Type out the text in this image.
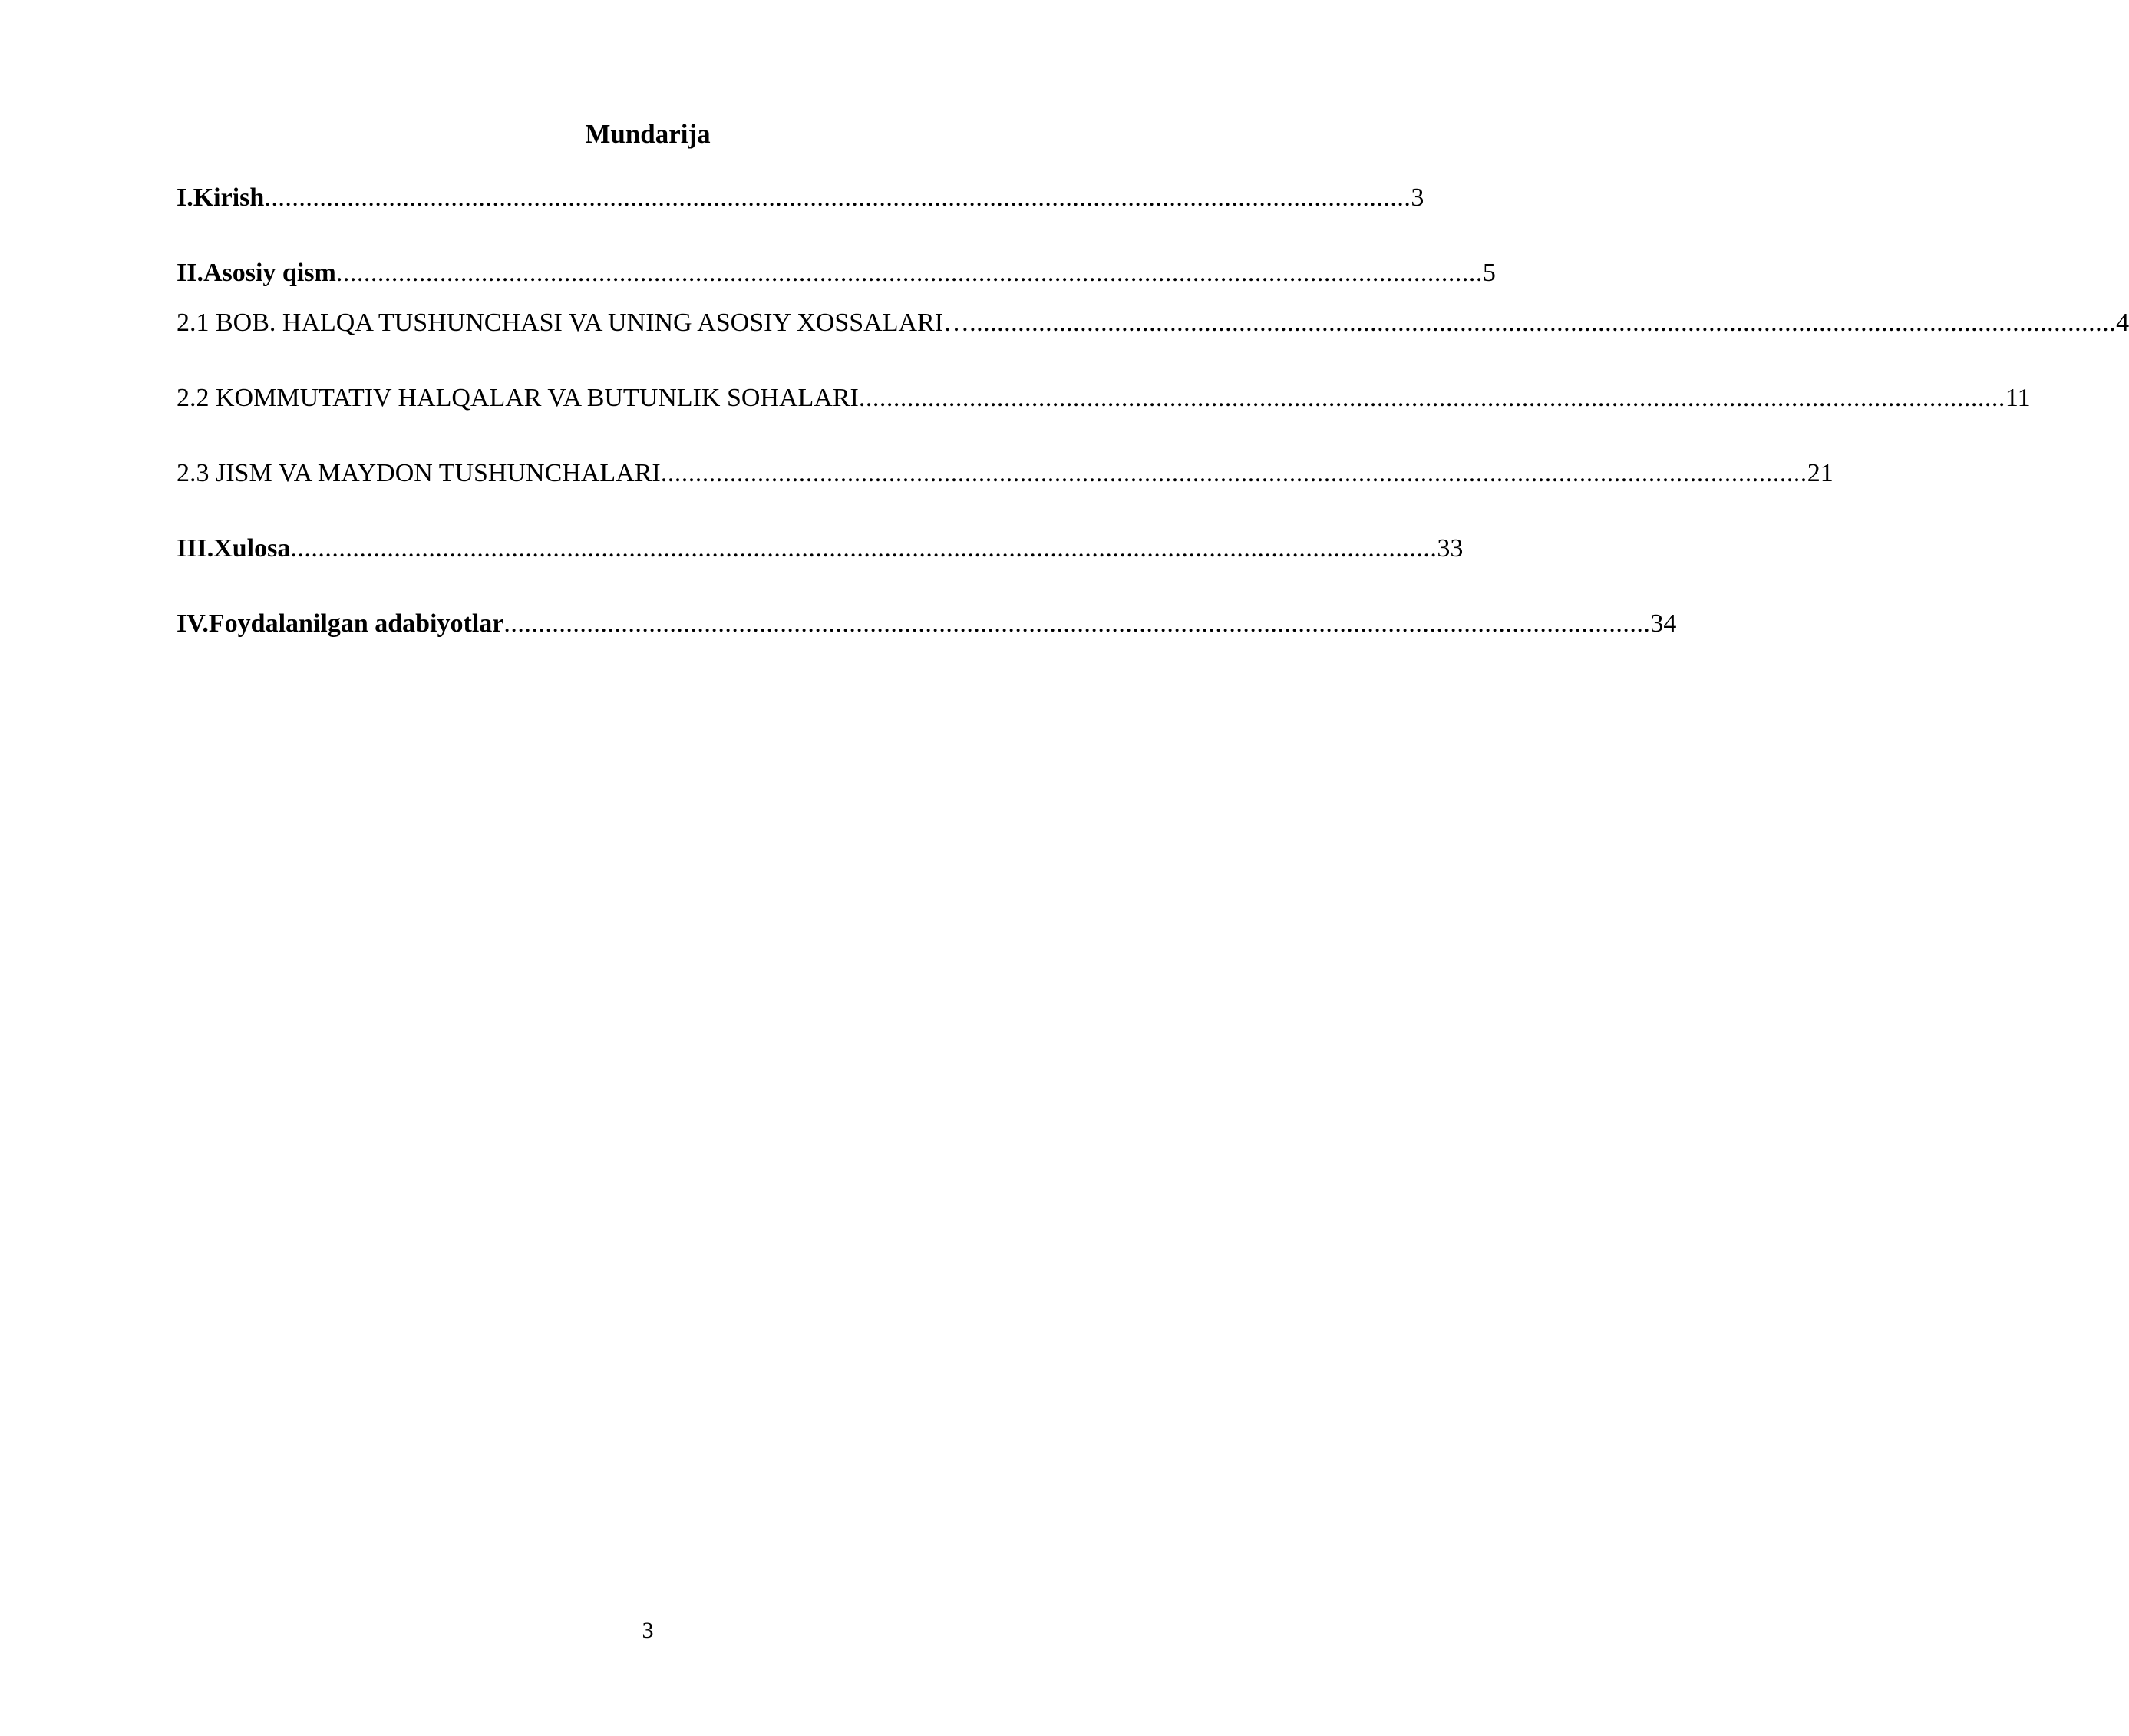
Mundarija
I.Kirish ...................................................................................................................................................................... 3
II.Asosiy qism ...................................................................................................................................................................... 5
2.1 BOB. HALQA TUSHUNCHASI VA UNING ASOSIY XOSSALARI… ...................................................................................................................................................................... 4
2.2 KOMMUTATIV HALQALAR VA BUTUNLIK SOHALARI ...................................................................................................................................................................... 11
2.3 JISM VA MAYDON TUSHUNCHALARI ...................................................................................................................................................................... 21
III.Xulosa ...................................................................................................................................................................... 33
IV.Foydalanilgan adabiyotlar ...................................................................................................................................................................... 34
3
